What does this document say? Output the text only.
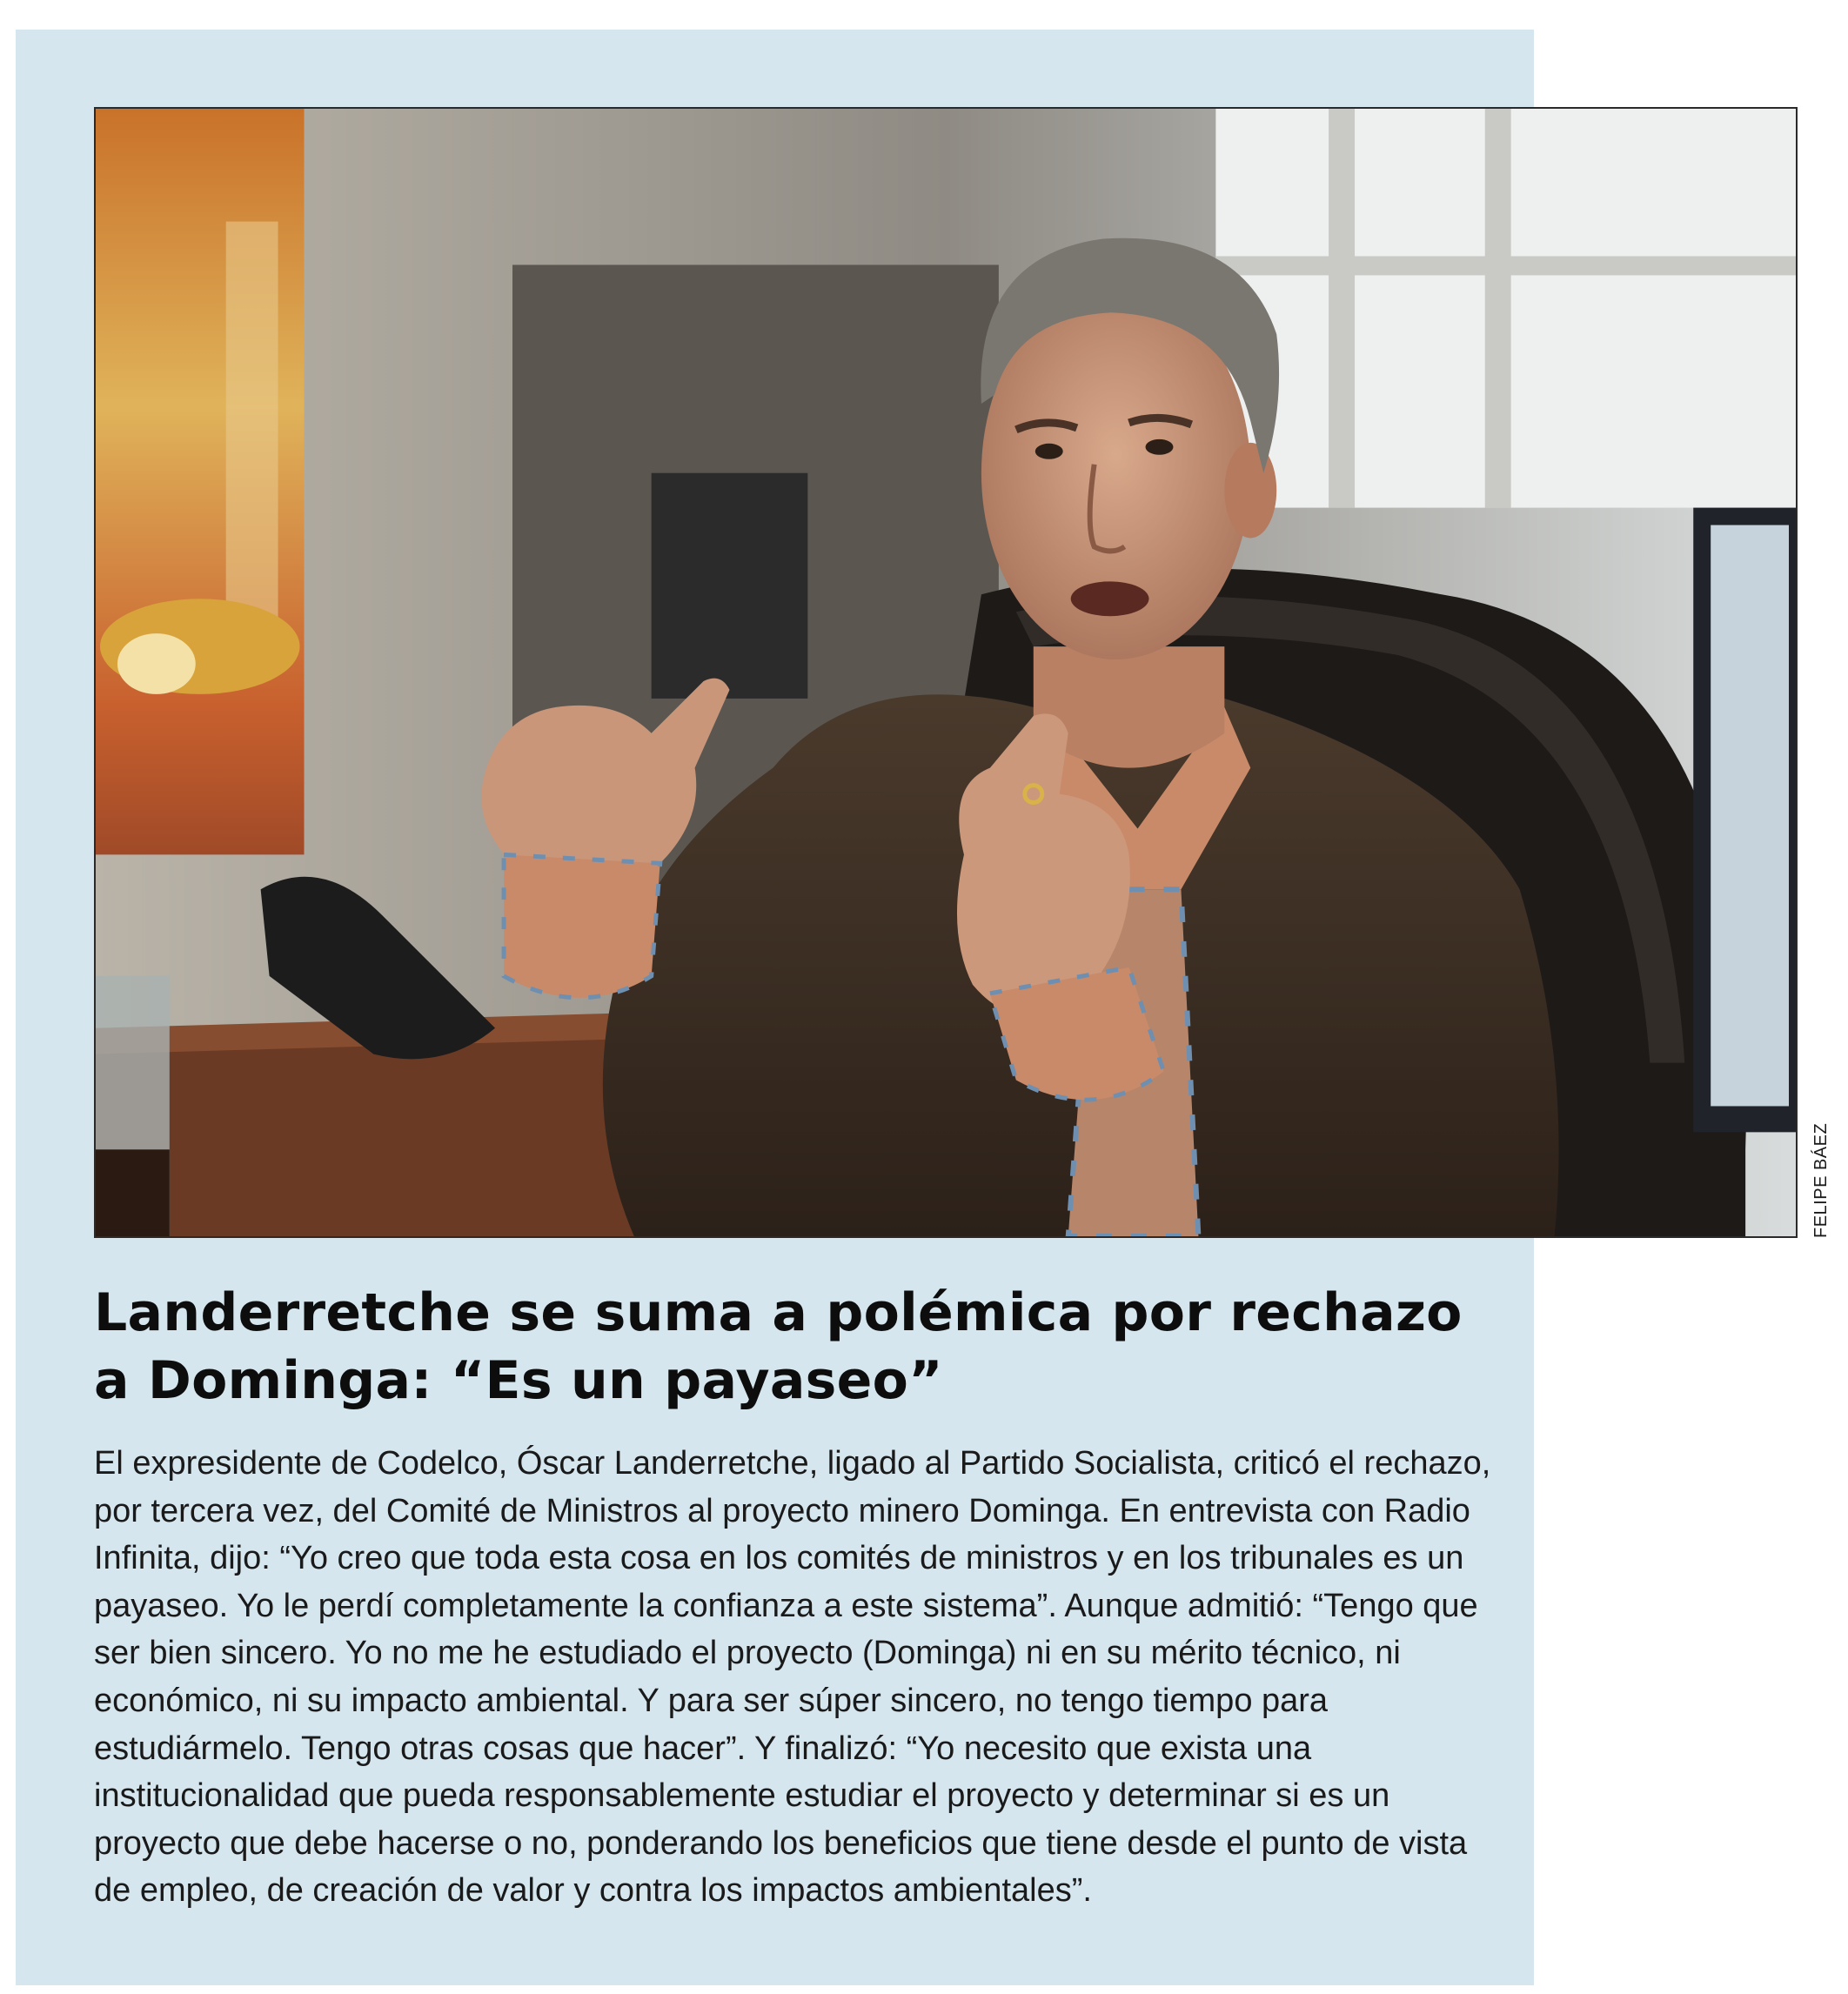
FELIPE BÁEZ
Landerretche se suma a polémica por rechazo a Dominga: “Es un payaseo”

El expresidente de Codelco, Óscar Landerretche, ligado al Partido Socialista, criticó el rechazo, por tercera vez, del Comité de Ministros al proyecto minero Dominga. En entrevista con Radio Infinita, dijo: “Yo creo que toda esta cosa en los comités de ministros y en los tribunales es un payaseo. Yo le perdí completamente la confianza a este sistema”. Aunque admitió: “Tengo que ser bien sincero. Yo no me he estudiado el proyecto (Dominga) ni en su mérito técnico, ni económico, ni su impacto ambiental. Y para ser súper sincero, no tengo tiempo para estudiármelo. Tengo otras cosas que hacer”. Y finalizó: “Yo necesito que exista una institucionalidad que pueda responsablemente estudiar el proyecto y determinar si es un proyecto que debe hacerse o no, ponderando los beneficios que tiene desde el punto de vista de empleo, de creación de valor y contra los impactos ambientales”.
